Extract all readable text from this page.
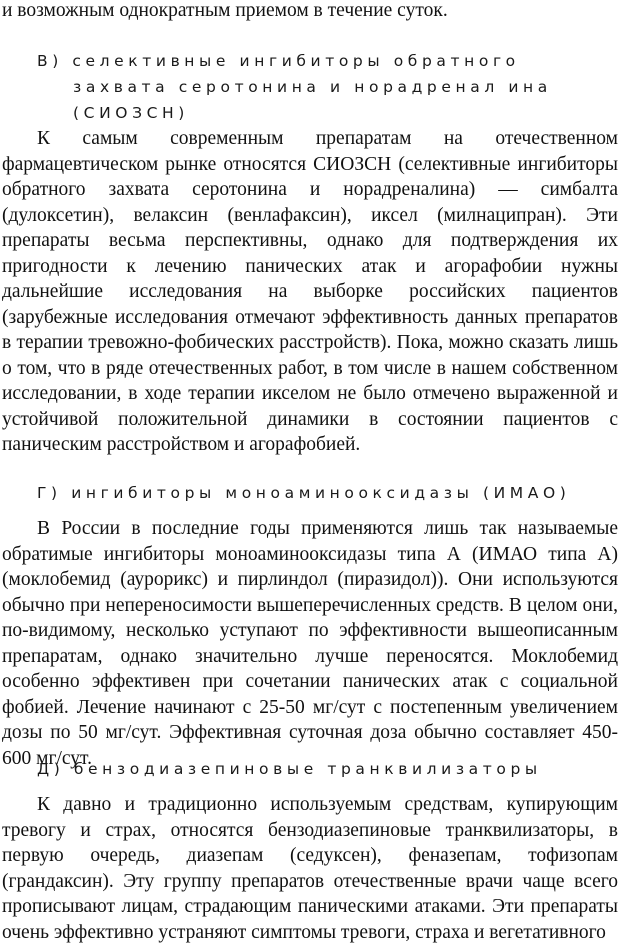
и возможным однократным приемом в течение суток.
В) селективные ингибиторы обратного
захвата серотонина и норадренал ина
(СИОЗСН)

К самым современным препаратам на отечественном фармацевтическом рынке относятся СИОЗСН (селективные ингибиторы обратного захвата серотонина и норадреналина) — симбалта (дулоксетин), велаксин (венлафаксин), иксел (милнаципран). Эти препараты весьма перспективны, однако для подтверждения их пригодности к лечению панических атак и агорафобии нужны дальнейшие исследования на выборке российских пациентов (зарубежные исследования отмечают эффективность данных препаратов в терапии тревожно-фобических расстройств). Пока, можно сказать лишь о том, что в ряде отечественных работ, в том числе в нашем собственном исследовании, в ходе терапии икселом не было отмечено выраженной и устойчивой положительной динамики в состоянии пациентов с паническим расстройством и агорафобией.

Г) ингибиторы моноаминооксидазы (ИМАО)

В России в последние годы применяются лишь так называемые обратимые ингибиторы моноаминооксидазы типа А (ИМАО типа А) (моклобемид (аурорикс) и пирлиндол (пиразидол)). Они используются обычно при непереносимости вышеперечисленных средств. В целом они, по-видимому, несколько уступают по эффективности вышеописанным препаратам, однако значительно лучше переносятся. Моклобемид особенно эффективен при сочетании панических атак с социальной фобией. Лечение начинают с 25-50 мг/сут с постепенным увеличением дозы по 50 мг/сут. Эффективная суточная доза обычно составляет 450-600 мг/сут.

Д) бензодиазепиновые транквилизаторы

К давно и традиционно используемым средствам, купирующим тревогу и страх, относятся бензодиазепиновые транквилизаторы, в первую очередь, диазепам (седуксен), феназепам, тофизопам (грандаксин). Эту группу препаратов отечественные врачи чаще всего прописывают лицам, страдающим паническими атаками. Эти препараты очень эффективно устраняют симптомы тревоги, страха и вегетативного
